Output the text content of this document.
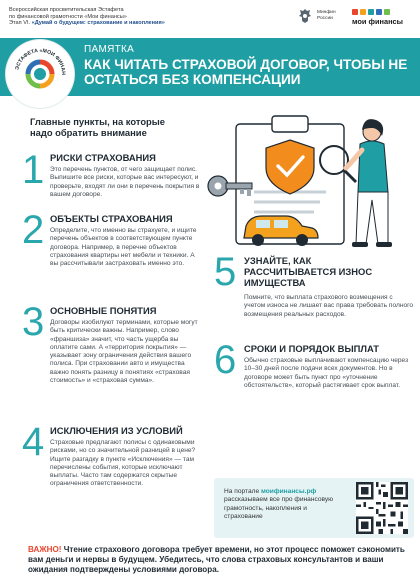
Всероссийская просветительская Эстафета
по финансовой грамотности «Мои финансы»
Этап VI. «Думай о будущем: страхование и накопления»
Минфин
России	мои финансы
ЭСТАФЕТА «МОИ ФИНАН
ПАМЯТКА
КАК ЧИТАТЬ СТРАХОВОЙ ДОГОВОР, ЧТОБЫ НЕ ОСТАТЬСЯ БЕЗ КОМПЕНСАЦИИ
Главные пункты, на которые надо обратить внимание
1 РИСКИ СТРАХОВАНИЯ
Это перечень пунктов, от чего защищает полис. Выпишите все риски, которые вас интересуют, и проверьте, входят ли они в перечень покрытия в вашем договоре.
2 ОБЪЕКТЫ СТРАХОВАНИЯ
Определите, что именно вы страхуете, и ищите перечень объектов в соответствующем пункте договора. Например, в перечне объектов страхования квартиры нет мебели и техники. А вы рассчитывали застраховать именно это.
3 ОСНОВНЫЕ ПОНЯТИЯ
Договоры изобилуют терминами, которые могут быть критически важны. Например, слово «франшиза» значит, что часть ущерба вы оплатите сами. А «территория покрытия» — указывает зону ограничения действия вашего полиса. При страховании авто и имущества важно понять разницу в понятиях «страховая стоимость» и «страховая сумма».
4 ИСКЛЮЧЕНИЯ ИЗ УСЛОВИЙ
Страховые предлагают полисы с одинаковыми рисками, но со значительной разницей в цене? Ищите разгадку в пункте «Исключения» — там перечислены события, которые исключают выплаты. Часто там содержатся скрытые ограничения ответственности.
5 УЗНАЙТЕ, КАК РАССЧИТЫВАЕТСЯ ИЗНОС ИМУЩЕСТВА
Помните, что выплата страхового возмещения с учетом износа не лишает вас права требовать полного возмещения реальных расходов.
6 СРОКИ И ПОРЯДОК ВЫПЛАТ
Обычно страховые выплачивают компенсацию через 10–30 дней после подачи всех документов. Но в договоре может быть пункт про «уточнение обстоятельств», который растягивает срок выплат.
На портале моифинансы.рф рассказываем все про финансовую грамотность, накопления и страхование
ВАЖНО! Чтение страхового договора требует времени, но этот процесс поможет сэкономить вам деньги и нервы в будущем. Убедитесь, что слова страховых консультантов и ваши ожидания подтверждены условиями договора.
